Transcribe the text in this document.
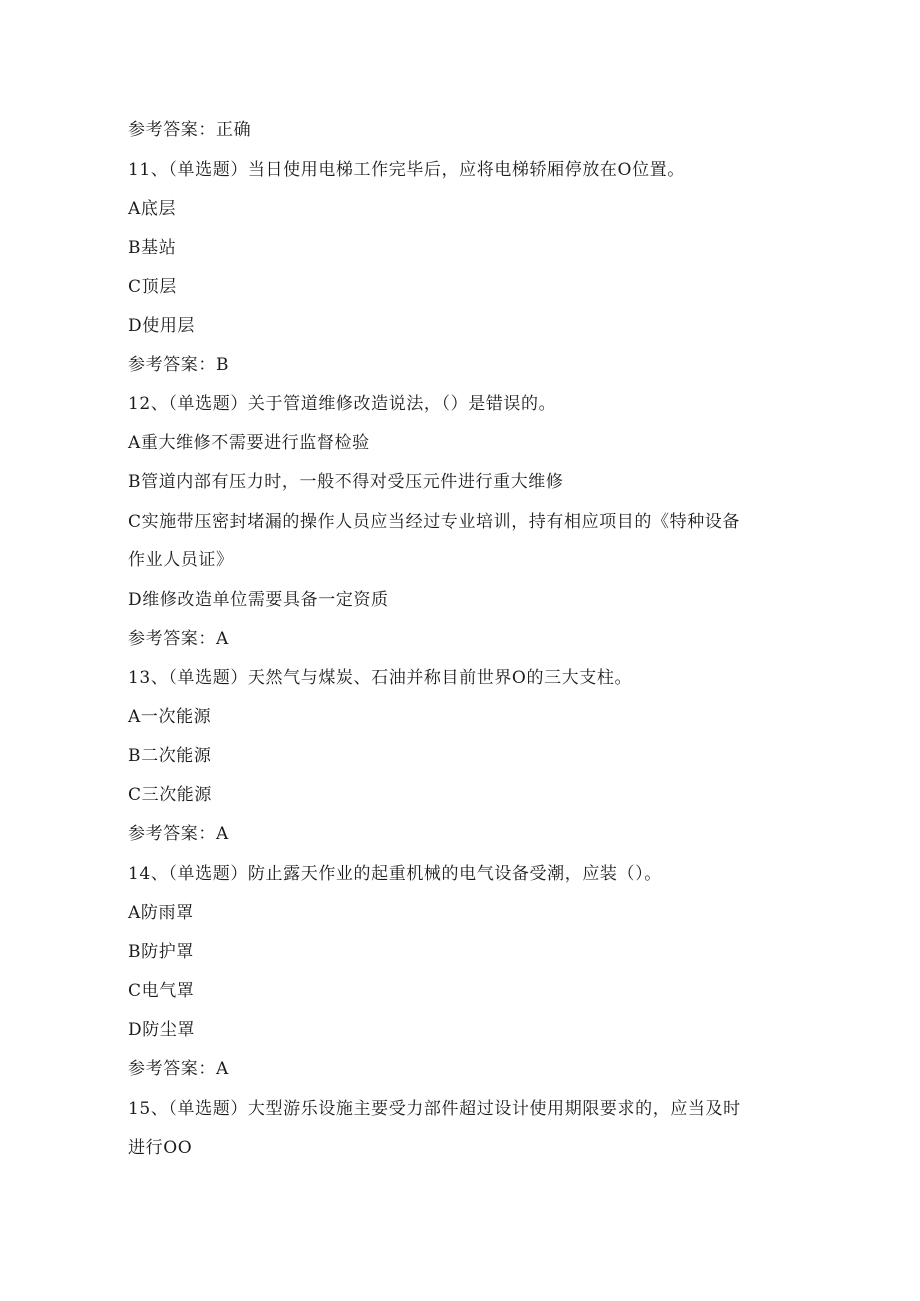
参考答案：正确
11、（单选题）当日使用电梯工作完毕后，应将电梯轿厢停放在O位置。
A底层
B基站
C顶层
D使用层
参考答案：B
12、（单选题）关于管道维修改造说法，（）是错误的。
A重大维修不需要进行监督检验
B管道内部有压力时，一般不得对受压元件进行重大维修
C实施带压密封堵漏的操作人员应当经过专业培训，持有相应项目的《特种设备
作业人员证》
D维修改造单位需要具备一定资质
参考答案：A
13、（单选题）天然气与煤炭、石油并称目前世界O的三大支柱。
A一次能源
B二次能源
C三次能源
参考答案：A
14、（单选题）防止露天作业的起重机械的电气设备受潮，应装（）。
A防雨罩
B防护罩
C电气罩
D防尘罩
参考答案：A
15、（单选题）大型游乐设施主要受力部件超过设计使用期限要求的，应当及时
进行OO
